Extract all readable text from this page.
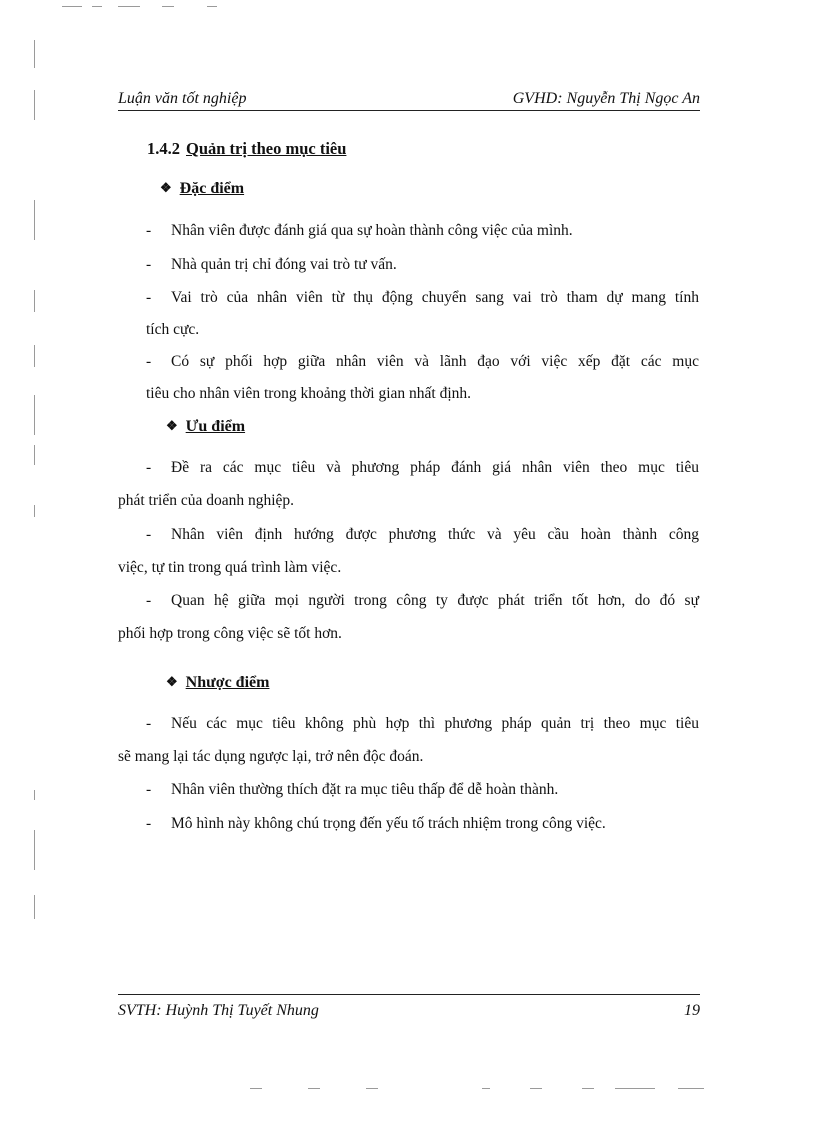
Luận văn tốt nghiệp	GVHD: Nguyễn Thị Ngọc An
1.4.2 Quản trị theo mục tiêu
❖ Đặc điểm
- Nhân viên được đánh giá qua sự hoàn thành công việc của mình.
- Nhà quản trị chỉ đóng vai trò tư vấn.
- Vai trò của nhân viên từ thụ động chuyển sang vai trò tham dự mang tính
tích cực.
- Có sự phối hợp giữa nhân viên và lãnh đạo với việc xếp đặt các mục
tiêu cho nhân viên trong khoảng thời gian nhất định.
❖ Ưu điểm
- Đề ra các mục tiêu và phương pháp đánh giá nhân viên theo mục tiêu
phát triển của doanh nghiệp.
- Nhân viên định hướng được phương thức và yêu cầu hoàn thành công
việc, tự tin trong quá trình làm việc.
- Quan hệ giữa mọi người trong công ty được phát triển tốt hơn, do đó sự
phối hợp trong công việc sẽ tốt hơn.
❖ Nhược điểm
- Nếu các mục tiêu không phù hợp thì phương pháp quản trị theo mục tiêu
sẽ mang lại tác dụng ngược lại, trở nên độc đoán.
- Nhân viên thường thích đặt ra mục tiêu thấp để dễ hoàn thành.
- Mô hình này không chú trọng đến yếu tố trách nhiệm trong công việc.
SVTH: Huỳnh Thị Tuyết Nhung	19
